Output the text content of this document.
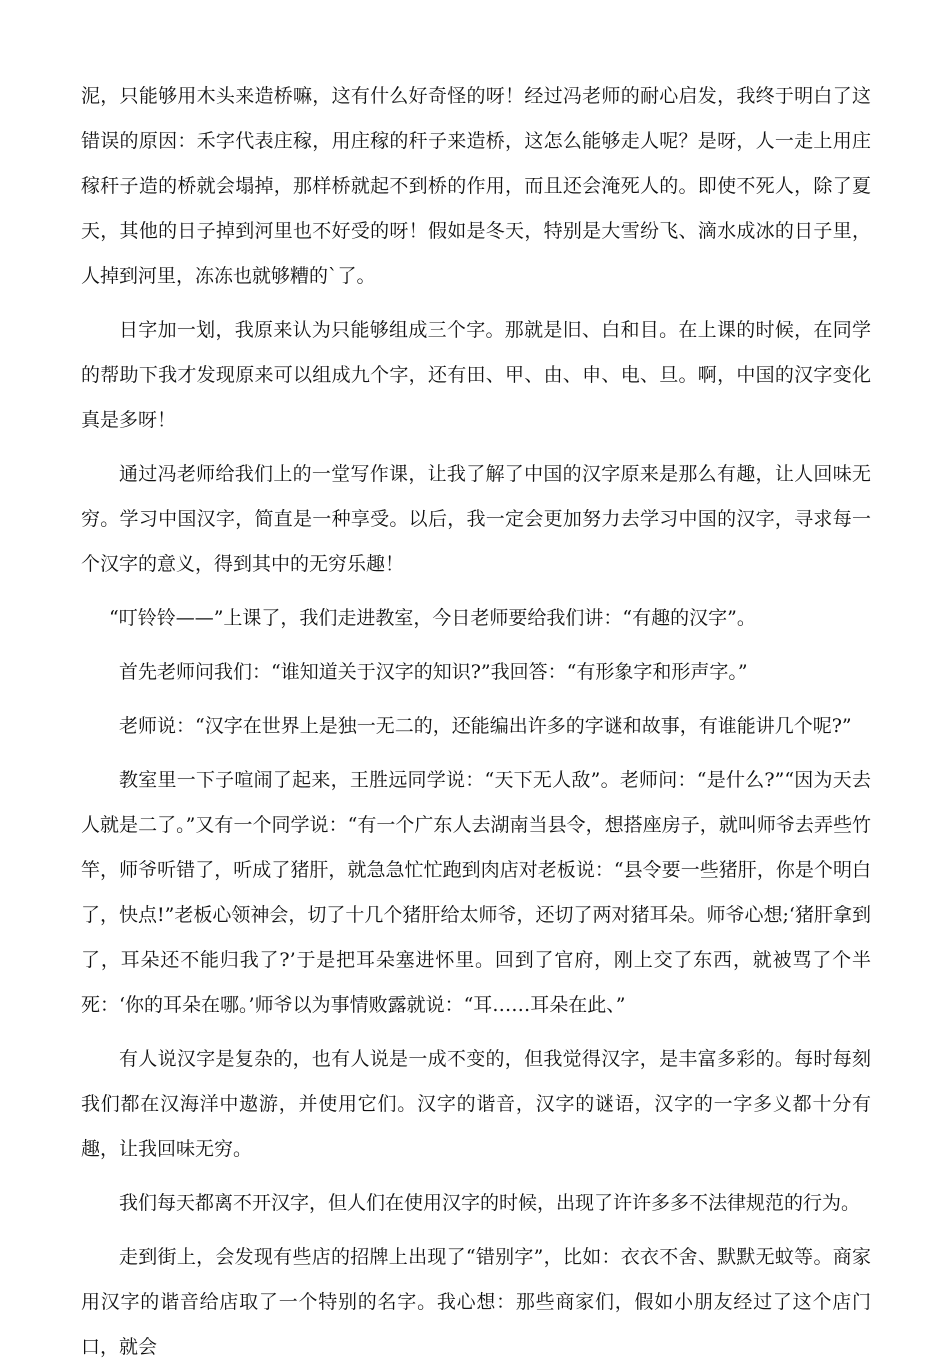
泥，只能够用木头来造桥嘛，这有什么好奇怪的呀！经过冯老师的耐心启发，我终于明白了这错误的原因：禾字代表庄稼，用庄稼的秆子来造桥，这怎么能够走人呢？是呀，人一走上用庄稼秆子造的桥就会塌掉，那样桥就起不到桥的作用，而且还会淹死人的。即使不死人，除了夏天，其他的日子掉到河里也不好受的呀！假如是冬天，特别是大雪纷飞、滴水成冰的日子里，人掉到河里，冻冻也就够糟的`了。

日字加一划，我原来认为只能够组成三个字。那就是旧、白和目。在上课的时候，在同学的帮助下我才发现原来可以组成九个字，还有田、甲、由、申、电、旦。啊，中国的汉字变化真是多呀！

通过冯老师给我们上的一堂写作课，让我了解了中国的汉字原来是那么有趣，让人回味无穷。学习中国汉字，简直是一种享受。以后，我一定会更加努力去学习中国的汉字，寻求每一个汉字的意义，得到其中的无穷乐趣！

“叮铃铃——”上课了，我们走进教室，今日老师要给我们讲：“有趣的汉字”。

首先老师问我们：“谁知道关于汉字的知识?”我回答：“有形象字和形声字。”

老师说：“汉字在世界上是独一无二的，还能编出许多的字谜和故事，有谁能讲几个呢?”

教室里一下子喧闹了起来，王胜远同学说：“天下无人敌”。老师问：“是什么?”“因为天去人就是二了。”又有一个同学说：“有一个广东人去湖南当县令，想搭座房子，就叫师爷去弄些竹竿，师爷听错了，听成了猪肝，就急急忙忙跑到肉店对老板说：“县令要一些猪肝，你是个明白了，快点!”老板心领神会，切了十几个猪肝给太师爷，还切了两对猪耳朵。师爷心想;‘猪肝拿到了，耳朵还不能归我了?’于是把耳朵塞进怀里。回到了官府，刚上交了东西，就被骂了个半死：‘你的耳朵在哪。’师爷以为事情败露就说：“耳……耳朵在此、”

有人说汉字是复杂的，也有人说是一成不变的，但我觉得汉字，是丰富多彩的。每时每刻我们都在汉海洋中遨游，并使用它们。汉字的谐音，汉字的谜语，汉字的一字多义都十分有趣，让我回味无穷。

我们每天都离不开汉字，但人们在使用汉字的时候，出现了许许多多不法律规范的行为。

走到街上，会发现有些店的招牌上出现了“错别字”，比如：衣衣不舍、默默无蚊等。商家用汉字的谐音给店取了一个特别的名字。我心想：那些商家们，假如小朋友经过了这个店门口，就会
